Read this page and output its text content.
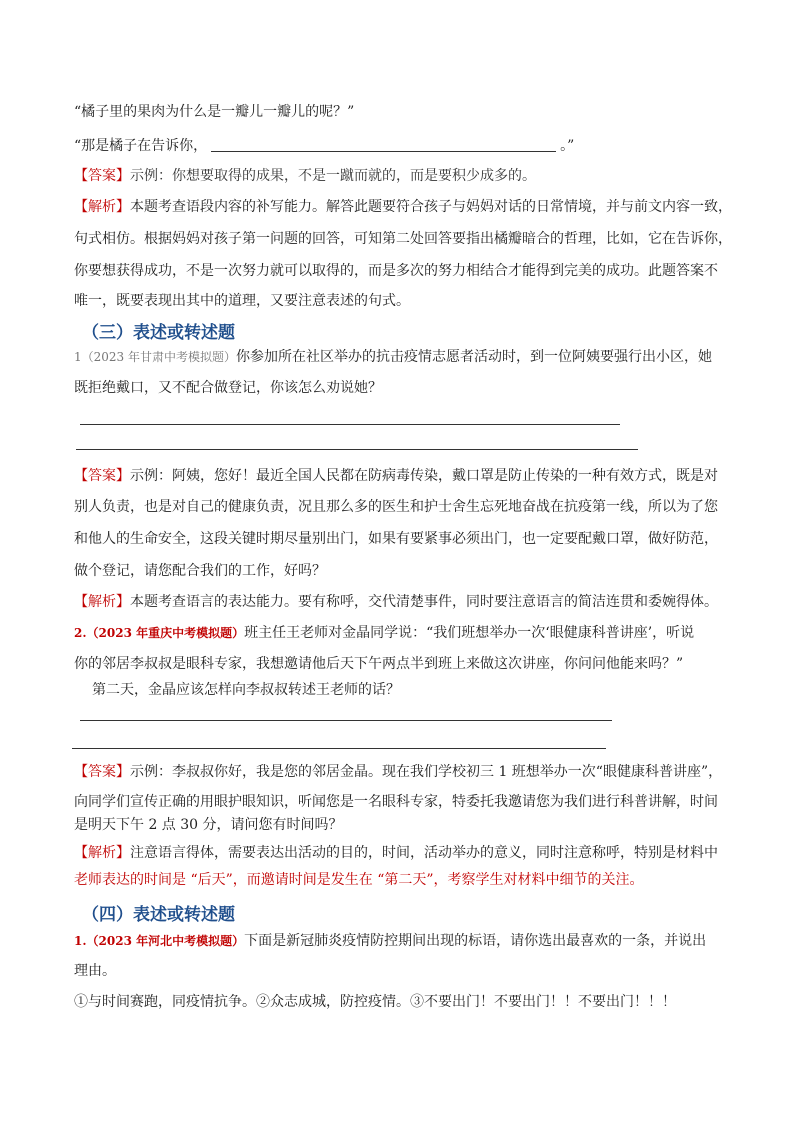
“橘子里的果肉为什么是一瓣儿一瓣儿的呢？”
“那是橘子在告诉你，	。”
【答案】示例：你想要取得的成果，不是一蹴而就的，而是要积少成多的。
【解析】本题考查语段内容的补写能力。解答此题要符合孩子与妈妈对话的日常情境，并与前文内容一致，
句式相仿。根据妈妈对孩子第一问题的回答，可知第二处回答要指出橘瓣暗合的哲理，比如，它在告诉你，
你要想获得成功，不是一次努力就可以取得的，而是多次的努力相结合才能得到完美的成功。此题答案不
唯一，既要表现出其中的道理，又要注意表述的句式。
（三）表述或转述题
1（2023 年甘肃中考模拟题）你参加所在社区举办的抗击疫情志愿者活动时，到一位阿姨要强行出小区，她
既拒绝戴口，又不配合做登记，你该怎么劝说她？
【答案】示例：阿姨，您好！最近全国人民都在防病毒传染，戴口罩是防止传染的一种有效方式，既是对
别人负责，也是对自己的健康负责，况且那么多的医生和护士舍生忘死地奋战在抗疫第一线，所以为了您
和他人的生命安全，这段关键时期尽量别出门，如果有要紧事必须出门，也一定要配戴口罩，做好防范，
做个登记，请您配合我们的工作，好吗？
【解析】本题考查语言的表达能力。要有称呼，交代清楚事件，同时要注意语言的简洁连贯和委婉得体。
2.（2023 年重庆中考模拟题）班主任王老师对金晶同学说：“我们班想举办一次‘眼健康科普讲座’，听说
你的邻居李叔叔是眼科专家，我想邀请他后天下午两点半到班上来做这次讲座，你问问他能来吗？”
第二天，金晶应该怎样向李叔叔转述王老师的话？
【答案】示例：李叔叔你好，我是您的邻居金晶。现在我们学校初三 1 班想举办一次“眼健康科普讲座”，
向同学们宣传正确的用眼护眼知识，听闻您是一名眼科专家，特委托我邀请您为我们进行科普讲解，时间
是明天下午 2 点 30 分，请问您有时间吗？
【解析】注意语言得体，需要表达出活动的目的，时间，活动举办的意义，同时注意称呼，特别是材料中
老师表达的时间是 “后天”，而邀请时间是发生在 “第二天”，考察学生对材料中细节的关注。
（四）表述或转述题
1.（2023 年河北中考模拟题）下面是新冠肺炎疫情防控期间出现的标语，请你选出最喜欢的一条，并说出
理由。
①与时间赛跑，同疫情抗争。②众志成城，防控疫情。③不要出门！不要出门！！不要出门！！！
